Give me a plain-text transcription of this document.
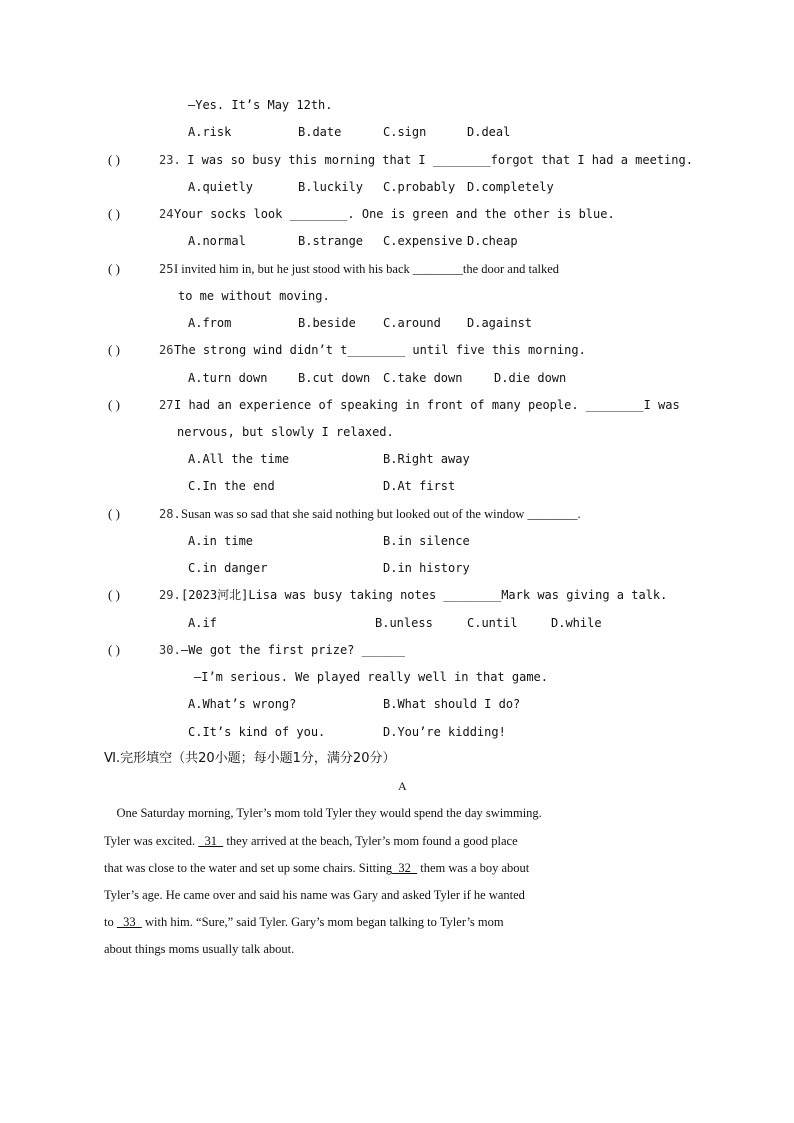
—Yes. It’s May 12th.
A.risk	B.date	C.sign	D.deal
( )	23. I was so busy this morning that I ________forgot that I had a meeting.
A.quietly	B.luckily C.probably D.completely
( )	24 Your socks look ________. One is green and the other is blue.
A.normal	B.strange C.expensive D.cheap
( )	25 I invited him in, but he just stood with his back ________the door and talked
to me without moving.
A.from	B.beside C.around D.against
( )	26 The strong wind didn’t t________ until five this morning.
A.turn down	B.cut down C.take down	D.die down
( )	27 I had an experience of speaking in front of many people. ________I was
nervous, but slowly I relaxed.
A.All the time	B.Right away
C.In the end	D.At first
( )	28. Susan was so sad that she said nothing but looked out of the window ________.
A.in time	B.in silence
C.in danger	D.in history
( )	29. [2023河北]Lisa was busy taking notes ________Mark was giving a talk.
A.if	B.unless	C.until	D.while
( )	30. —We got the first prize? ______
—I’m serious. We played really well in that game.
A.What’s wrong?	B.What should I do?
C.It’s kind of you.	D.You’re kidding!
Ⅵ.完形填空（共20小题；每小题1分，满分20分）
A
One Saturday morning, Tyler’s mom told Tyler they would spend the day swimming.
Tyler was excited.   31   they arrived at the beach, Tyler’s mom found a good place
that was close to the water and set up some chairs. Sitting  32   them was a boy about
Tyler’s age. He came over and said his name was Gary and asked Tyler if he wanted
to   33   with him. “Sure,” said Tyler. Gary’s mom began talking to Tyler’s mom
about things moms usually talk about.
